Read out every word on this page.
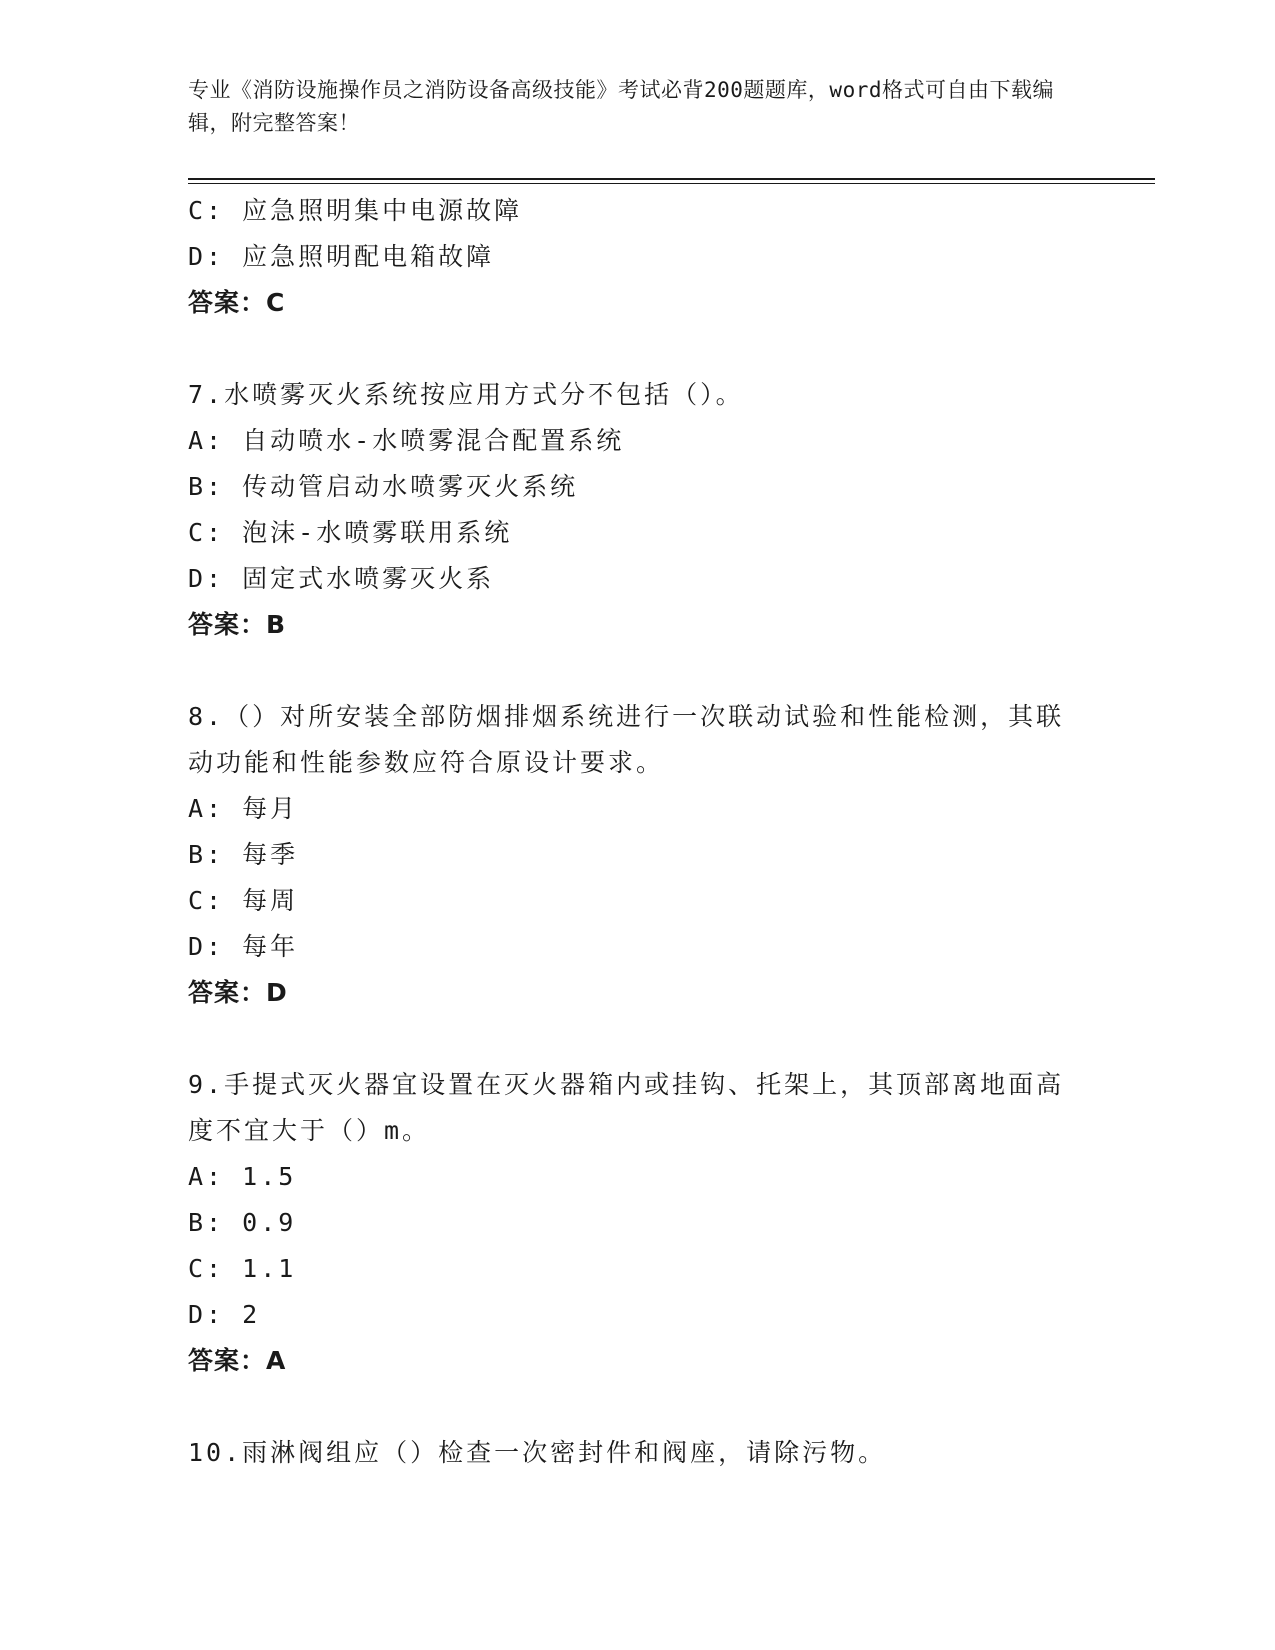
专业《消防设施操作员之消防设备高级技能》考试必背200题题库，word格式可自由下载编辑，附完整答案！

C: 应急照明集中电源故障
D: 应急照明配电箱故障
答案：C
7.水喷雾灭火系统按应用方式分不包括（）。
A: 自动喷水-水喷雾混合配置系统
B: 传动管启动水喷雾灭火系统
C: 泡沫-水喷雾联用系统
D: 固定式水喷雾灭火系
答案：B
8.（）对所安装全部防烟排烟系统进行一次联动试验和性能检测，其联动功能和性能参数应符合原设计要求。
A: 每月
B: 每季
C: 每周
D: 每年
答案：D
9.手提式灭火器宜设置在灭火器箱内或挂钩、托架上，其顶部离地面高度不宜大于（）m。
A: 1.5
B: 0.9
C: 1.1
D: 2
答案：A
10.雨淋阀组应（）检查一次密封件和阀座，请除污物。
